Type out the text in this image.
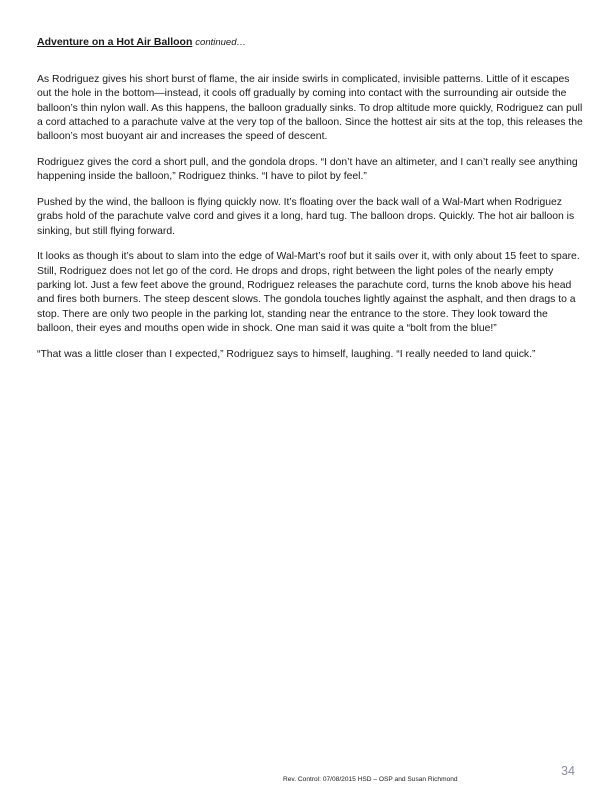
Adventure on a Hot Air Balloon continued…

As Rodriguez gives his short burst of flame, the air inside swirls in complicated, invisible patterns. Little of it escapes out the hole in the bottom—instead, it cools off gradually by coming into contact with the surrounding air outside the balloon’s thin nylon wall. As this happens, the balloon gradually sinks. To drop altitude more quickly, Rodriguez can pull a cord attached to a parachute valve at the very top of the balloon. Since the hottest air sits at the top, this releases the balloon’s most buoyant air and increases the speed of descent.

Rodriguez gives the cord a short pull, and the gondola drops. “I don’t have an altimeter, and I can’t really see anything happening inside the balloon,” Rodriguez thinks. “I have to pilot by feel.”

Pushed by the wind, the balloon is flying quickly now. It’s floating over the back wall of a Wal-Mart when Rodriguez grabs hold of the parachute valve cord and gives it a long, hard tug. The balloon drops. Quickly. The hot air balloon is sinking, but still flying forward.

It looks as though it’s about to slam into the edge of Wal-Mart’s roof but it sails over it, with only about 15 feet to spare. Still, Rodriguez does not let go of the cord. He drops and drops, right between the light poles of the nearly empty parking lot. Just a few feet above the ground, Rodriguez releases the parachute cord, turns the knob above his head and fires both burners. The steep descent slows. The gondola touches lightly against the asphalt, and then drags to a stop. There are only two people in the parking lot, standing near the entrance to the store. They look toward the balloon, their eyes and mouths open wide in shock. One man said it was quite a “bolt from the blue!”

“That was a little closer than I expected,” Rodriguez says to himself, laughing. “I really needed to land quick.”

Rev. Control: 07/08/2015 HSD – OSP and Susan Richmond
34
